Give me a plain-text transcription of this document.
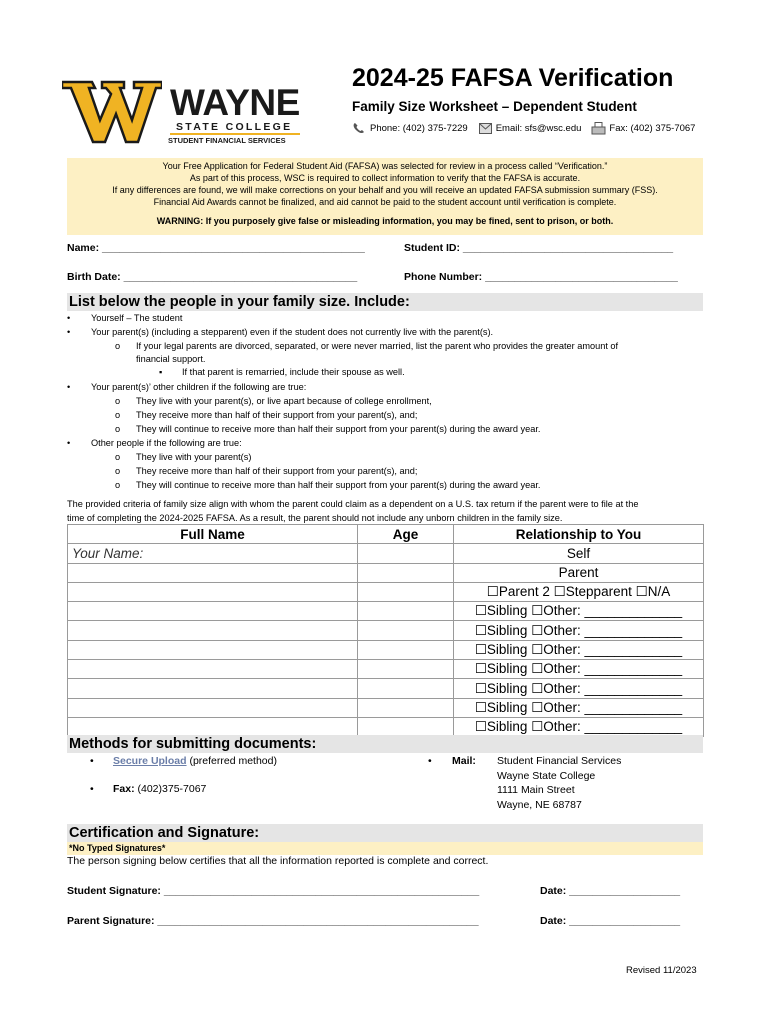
WAYNE
STATE COLLEGE
STUDENT FINANCIAL SERVICES
2024-25 FAFSA Verification
Family Size Worksheet – Dependent Student
Phone: (402) 375-7229	Email: sfs@wsc.edu	Fax: (402) 375-7067

Your Free Application for Federal Student Aid (FAFSA) was selected for review in a process called “Verification.”

As part of this process, WSC is required to collect information to verify that the FAFSA is accurate.

If any differences are found, we will make corrections on your behalf and you will receive an updated FAFSA submission summary (FSS).

Financial Aid Awards cannot be finalized, and aid cannot be paid to the student account until verification is complete.

WARNING: If you purposely give false or misleading information, you may be fined, sent to prison, or both.

Name: _____________________________________________	Student ID: ____________________________________
Birth Date: ________________________________________	Phone Number: _________________________________
List below the people in your family size. Include:
• Yourself – The student
• Your parent(s) (including a stepparent) even if the student does not currently live with the parent(s).
o If your legal parents are divorced, separated, or were never married, list the parent who provides the greater amount of
financial support.
▪ If that parent is remarried, include their spouse as well.
• Your parent(s)’ other children if the following are true:
o They live with your parent(s), or live apart because of college enrollment,
o They receive more than half of their support from your parent(s), and;
o They will continue to receive more than half their support from your parent(s) during the award year.
• Other people if the following are true:
o They live with your parent(s)
o They receive more than half of their support from your parent(s), and;
o They will continue to receive more than half their support from your parent(s) during the award year.
The provided criteria of family size align with whom the parent could claim as a dependent on a U.S. tax return if the parent were to file at the
time of completing the 2024-2025 FAFSA. As a result, the parent should not include any unborn children in the family size.
Full Name	Age	Relationship to You
Your Name:		Self
		Parent
		☐Parent 2 ☐Stepparent ☐N/A
		☐Sibling ☐Other: _____________
		☐Sibling ☐Other: _____________
		☐Sibling ☐Other: _____________
		☐Sibling ☐Other: _____________
		☐Sibling ☐Other: _____________
		☐Sibling ☐Other: _____________
		☐Sibling ☐Other: _____________
Methods for submitting documents:
• Secure Upload (preferred method)
• Fax: (402)375-7067
• Mail: Student Financial Services
Wayne State College
1111 Main Street
Wayne, NE 68787
Certification and Signature:
*No Typed Signatures*
The person signing below certifies that all the information reported is complete and correct.
Student Signature: ______________________________________________________	Date: ___________________
Parent Signature: _______________________________________________________	Date: ___________________
Revised 11/2023
